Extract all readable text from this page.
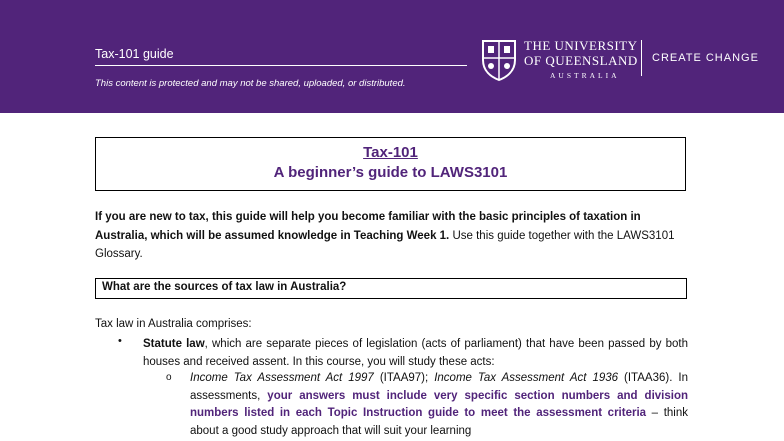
Tax-101 guide
This content is protected and may not be shared, uploaded, or distributed.
THE UNIVERSITY
OF QUEENSLAND
AUSTRALIA
CREATE CHANGE
Tax-101
A beginner’s guide to LAWS3101
If you are new to tax, this guide will help you become familiar with the basic principles of taxation in Australia, which will be assumed knowledge in Teaching Week 1. Use this guide together with the LAWS3101 Glossary.
What are the sources of tax law in Australia?
Tax law in Australia comprises:
• Statute law, which are separate pieces of legislation (acts of parliament) that have been passed by both houses and received assent. In this course, you will study these acts:
o Income Tax Assessment Act 1997 (ITAA97); Income Tax Assessment Act 1936 (ITAA36). In assessments, your answers must include very specific section numbers and division numbers listed in each Topic Instruction guide to meet the assessment criteria – think about a good study approach that will suit your learning
